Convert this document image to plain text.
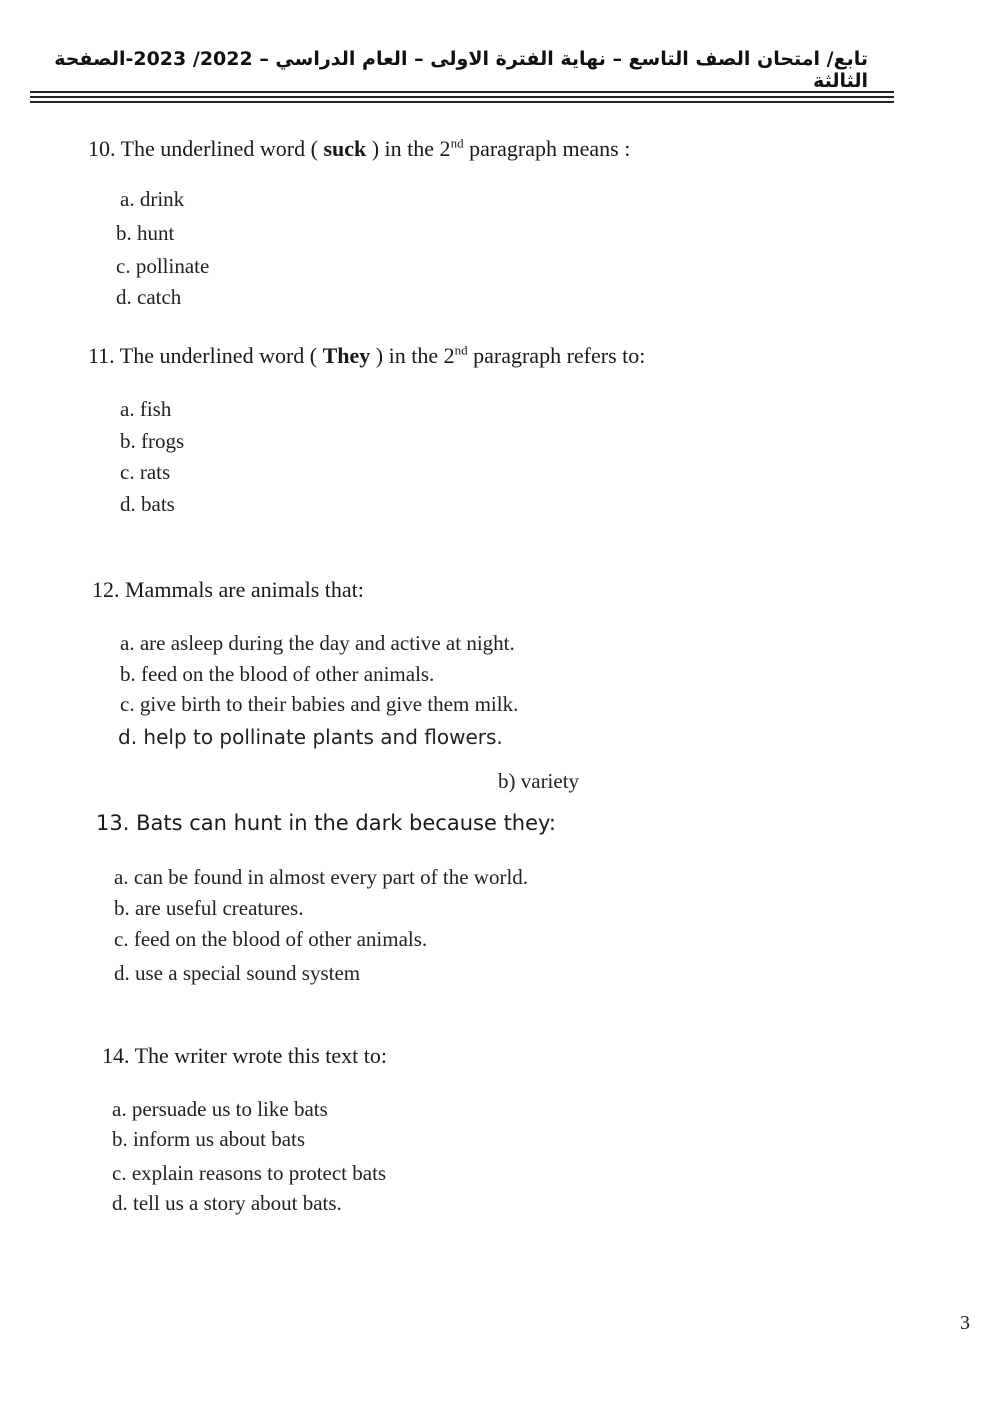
تابع/ امتحان الصف التاسع – نهاية الفترة الاولى – العام الدراسي – 2022/ 2023-الصفحة الثالثة
10. The underlined word ( suck ) in the 2nd paragraph means :
a. drink
b. hunt
c. pollinate
d. catch
11. The underlined word ( They ) in the 2nd paragraph refers to:
a. fish
b. frogs
c. rats
d. bats
12. Mammals are animals that:
a. are asleep during the day and active at night.
b. feed on the blood of other animals.
c. give birth to their babies and give them milk.
d. help to pollinate plants and flowers.
b) variety
13. Bats can hunt in the dark because they:
a. can be found in almost every part of the world.
b. are useful creatures.
c. feed on the blood of other animals.
d. use a special sound system
14. The writer wrote this text to:
a. persuade us to like bats
b. inform us about bats
c. explain reasons to protect bats
d. tell us a story about bats.
3
